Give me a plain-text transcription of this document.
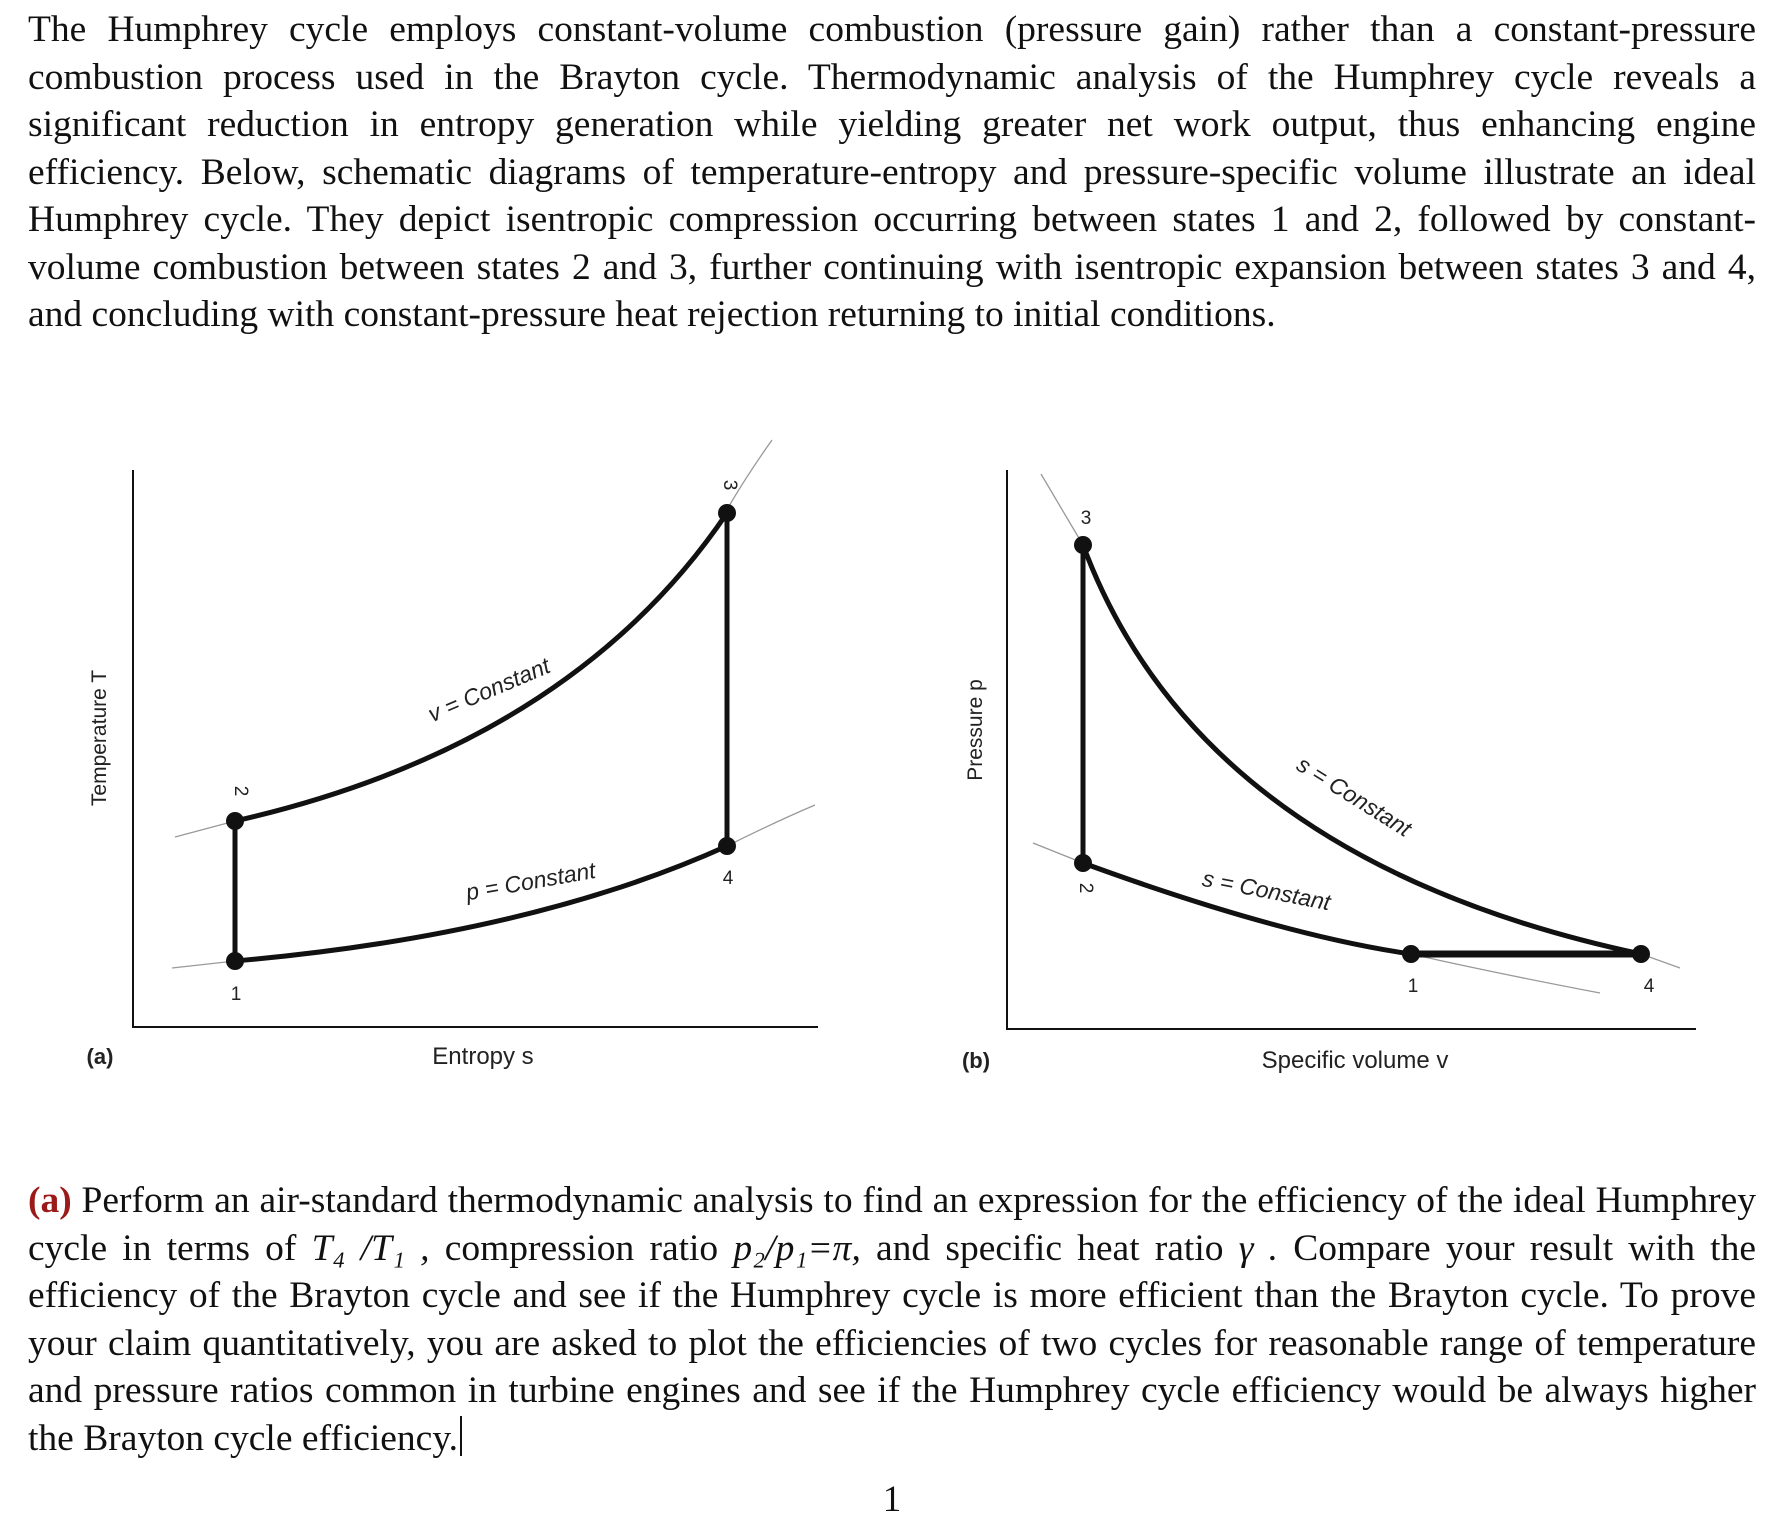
The Humphrey cycle employs constant-volume combustion (pressure gain) rather than a constant-pressure combustion process used in the Brayton cycle. Thermodynamic analysis of the Humphrey cycle reveals a significant reduction in entropy generation while yielding greater net work output, thus enhancing engine efficiency. Below, schematic diagrams of temperature-entropy and pressure-specific volume illustrate an ideal Humphrey cycle. They depict isentropic compression occurring between states 1 and 2, followed by constant-volume combustion between states 2 and 3, further continuing with isentropic expansion between states 3 and 4, and concluding with constant-pressure heat rejection returning to initial conditions.

1
2
3
4
v = Constant
p = Constant
Entropy s
Temperature T
(a)
1
2
3
4
s = Constant
s = Constant
Specific volume v
Pressure p
(b)

(a) Perform an air-standard thermodynamic analysis to find an expression for the efficiency of the ideal Humphrey cycle in terms of T₄ /T₁ , compression ratio p₂/p₁=π, and specific heat ratio γ . Compare your result with the efficiency of the Brayton cycle and see if the Humphrey cycle is more efficient than the Brayton cycle. To prove your claim quantitatively, you are asked to plot the efficiencies of two cycles for reasonable range of temperature and pressure ratios common in turbine engines and see if the Humphrey cycle efficiency would be always higher the Brayton cycle efficiency.

1
